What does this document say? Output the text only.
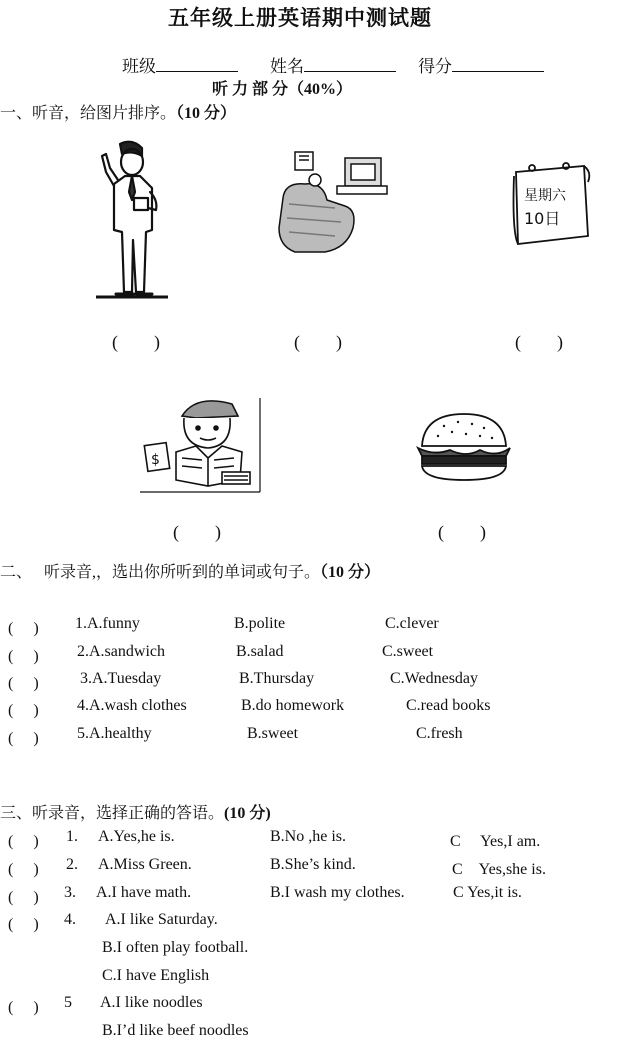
五年级上册英语期中测试题
班级	姓名	得分
听 力 部 分（40%）
一、听音，给图片排序。（10 分）
星期六
10日
(　　)	(　　)	(　　)
$
(　　)	(　　)
二、　 听录音,，选出你所听到的单词或句子。（10 分）
(　 ) 1.A.funny	B.polite	C.clever
(　 ) 2.A.sandwich	B.salad	C.sweet
(　 )	3.A.Tuesday	B.Thursday	C.Wednesday
(　 ) 4.A.wash clothes	B.do homework	C.read books
(　 ) 5.A.healthy	B.sweet	C.fresh
三、听录音，选择正确的答语。(10 分)
(　 ) 1. A.Yes,he is.	B.No ,he is.	C　 Yes,I am.
(　 ) 2. A.Miss Green.	B.She’s kind.	C　Yes,she is.
(　 ) 3. A.I have math.	B.I wash my clothes.	C Yes,it is.
(　 ) 4. A.I like Saturday.
B.I often play football.
C.I have English
(　 ) 5 A.I like noodles
B.I’d like beef noodles
